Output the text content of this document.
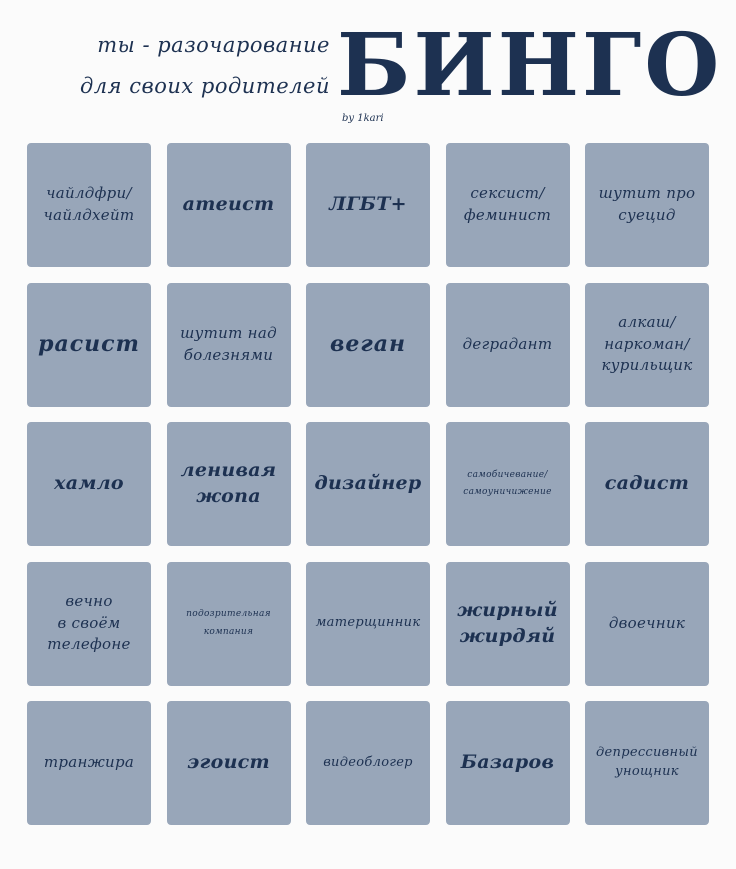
ты - разочарование
для своих родителей БИНГО
by 1kari
чайлдфри/
чайлдхейт	атеист	ЛГБТ+	сексист/
феминист
шутит про
суецид
расист	шутит над
болезнями	веган	деградант
алкаш/
наркоман/
курильщик
хамло
ленивая
жопа
дизайнер	самобичевание/
самоуничижение	садист
вечно
в своём
телефоне
подозрительная
компания
матерщинник
жирный
жирдяй
двоечник
транжира	эгоист	видеоблогер	Базаров	депрессивный
унощник
